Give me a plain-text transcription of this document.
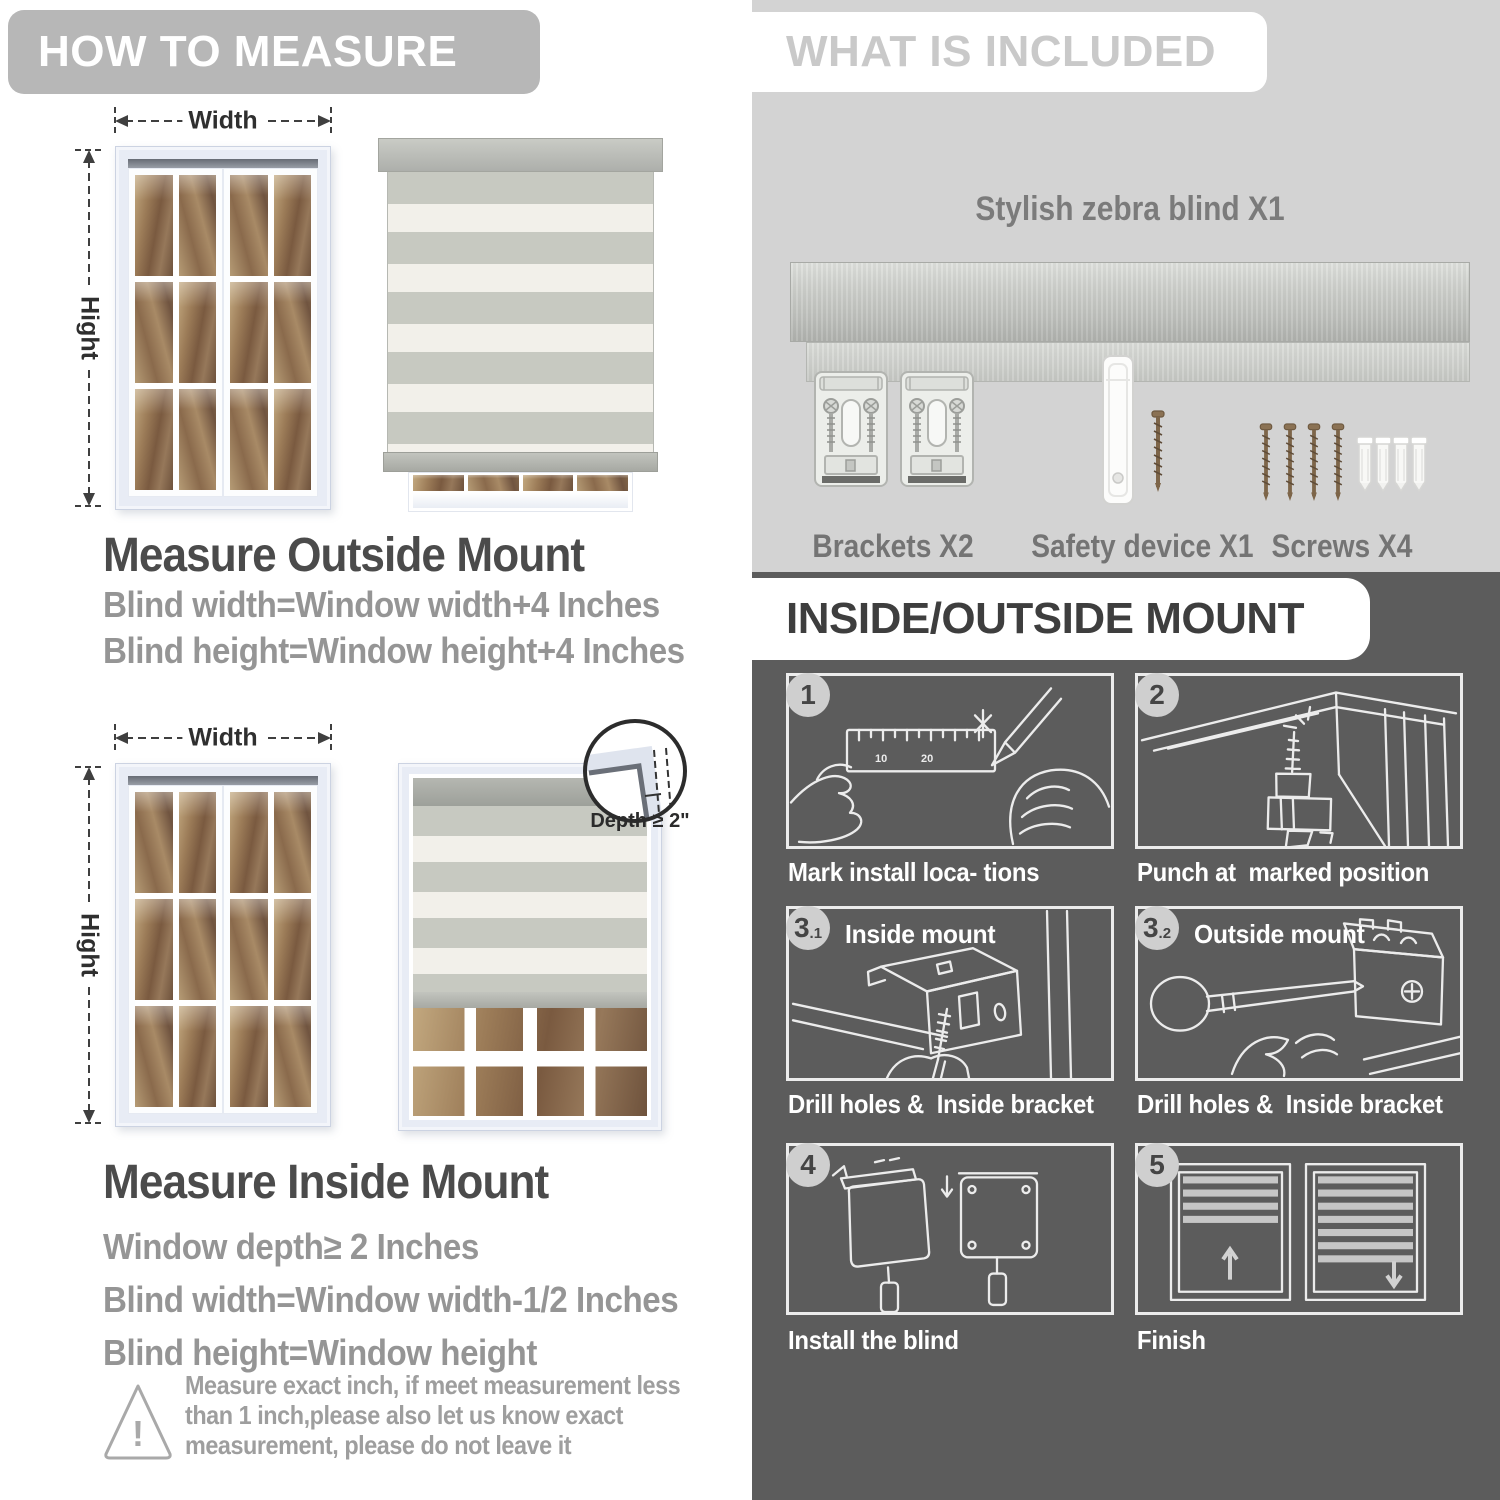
HOW TO MEASURE
Width
Hight
Measure Outside Mount
Blind width=Window width+4 Inches
Blind height=Window height+4 Inches
Width
Hight
Depth ≥ 2"
Measure Inside Mount
Window depth≥ 2 Inches
Blind width=Window width-1/2 Inches
Blind height=Window height
!
Measure exact inch, if meet measurement less
than 1 inch,please also let us know exact
measurement, please do not leave it
WHAT IS INCLUDED
Stylish zebra blind X1
Brackets X2 Safety device X1 Screws X4
INSIDE/OUTSIDE MOUNT
10	20
1
Mark install loca- tions
2
Punch at  marked position
3 .1 Inside mount
Drill holes &  Inside bracket
3 .2 Outside mount
Drill holes &  Inside bracket
4
Install the blind
5
Finish
